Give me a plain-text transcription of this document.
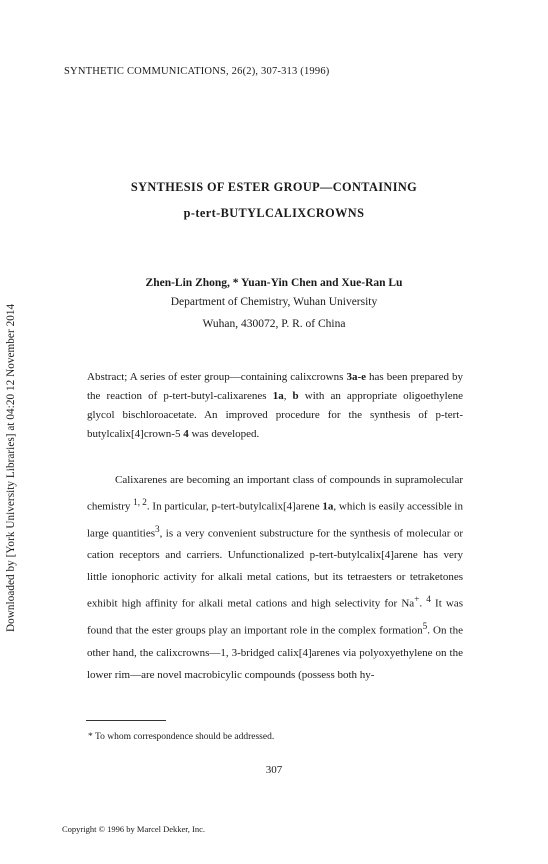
SYNTHETIC COMMUNICATIONS, 26(2), 307-313 (1996)
Downloaded by [York University Libraries] at 04:20 12 November 2014
SYNTHESIS OF ESTER GROUP—CONTAINING
p-tert-BUTYLCALIXCROWNS
Zhen-Lin Zhong, * Yuan-Yin Chen and Xue-Ran Lu
Department of Chemistry, Wuhan University
Wuhan, 430072, P. R. of China

Abstract; A series of ester group—containing calixcrowns 3a-e has been prepared by the reaction of p-tert-butyl-calixarenes 1a, b with an appropriate oligoethylene glycol bischloroacetate. An improved procedure for the synthesis of p-tert-butylcalix[4]crown-5 4 was developed.

Calixarenes are becoming an important class of compounds in supramolecular chemistry $^{1, 2}$. In particular, p-tert-butylcalix[4]arene 1a, which is easily accessible in large quantities$^3$, is a very convenient substructure for the synthesis of molecular or cation receptors and carriers. Unfunctionalized p-tert-butylcalix[4]arene has very little ionophoric activity for alkali metal cations, but its tetraesters or tetraketones exhibit high affinity for alkali metal cations and high selectivity for Na+. $^4$ It was found that the ester groups play an important role in the complex formation$^5$. On the other hand, the calixcrowns—1, 3-bridged calix[4]arenes via polyoxyethylene on the lower rim—are novel macrobicylic compounds (possess both hy-

* To whom correspondence should be addressed.
307
Copyright © 1996 by Marcel Dekker, Inc.
